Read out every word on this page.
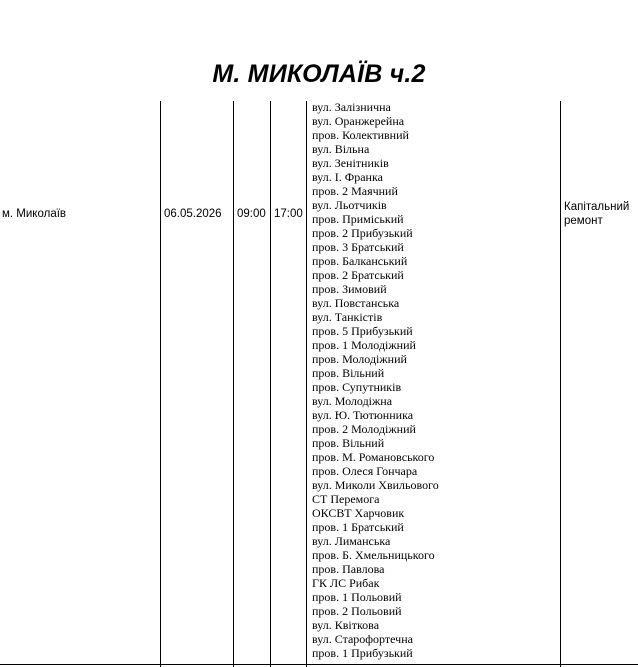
М. МИКОЛАЇВ ч.2
м. Миколаїв	06.05.2026 09:00 17:00
вул. Залізнична
вул. Оранжерейна
пров. Колективний
вул. Вільна
вул. Зенітників
вул. І. Франка
пров. 2 Маячний
вул. Льотчиків
пров. Приміський
пров. 2 Прибузький
пров. 3 Братський
пров. Балканський
пров. 2 Братський
пров. Зимовий
вул. Повстанська
вул. Танкістів
пров. 5 Прибузький
пров. 1 Молодіжний
пров. Молодіжний
пров. Вільний
пров. Супутників
вул. Молодіжна
вул. Ю. Тютюнника
пров. 2 Молодіжний
пров. Вільний
пров. М. Романовського
пров. Олеся Гончара
вул. Миколи Хвильового
СТ Перемога
ОКСВТ Харчовик
пров. 1 Братський
вул. Лиманська
пров. Б. Хмельницького
пров. Павлова
ГК ЛС Рибак
пров. 1 Польовий
пров. 2 Польовий
вул. Квіткова
вул. Старофортечна
пров. 1 Прибузький
Капітальний
ремонт
